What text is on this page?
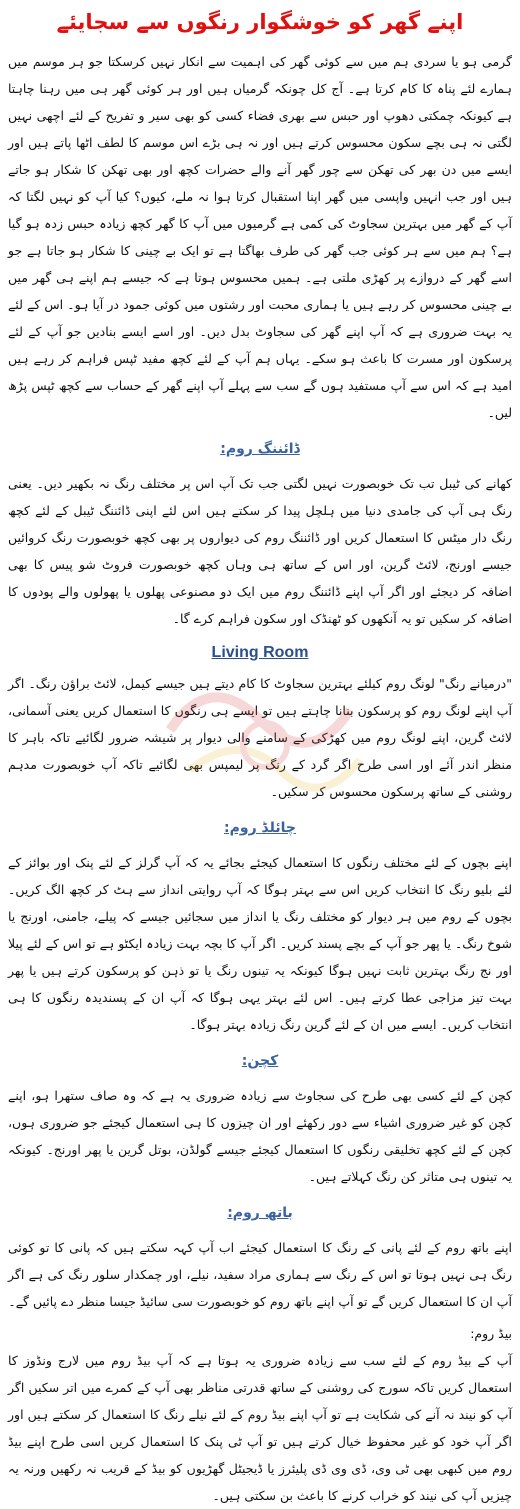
اپنے گھر کو خوشگوار رنگوں سے سجایئے

گرمی ہو یا سردی ہم میں سے کوئی گھر کی اہمیت سے انکار نہیں کرسکتا جو ہر موسم میں ہمارے لئے پناہ کا کام کرتا ہے۔ آج کل چونکہ گرمیاں ہیں اور ہر کوئی گھر ہی میں رہنا چاہتا ہے کیونکہ چمکتی دھوپ اور حبس سے بھری فضاء کسی کو بھی سیر و تفریح کے لئے اچھی نہیں لگتی نہ ہی بچے سکون محسوس کرتے ہیں اور نہ ہی بڑے اس موسم کا لطف اٹھا پاتے ہیں اور ایسے میں دن بھر کی تھکن سے چور گھر آنے والے حضرات کچھ اور بھی تھکن کا شکار ہو جاتے ہیں اور جب انہیں واپسی میں گھر اپنا استقبال کرتا ہوا نہ ملے، کیوں؟ کیا آپ کو نہیں لگتا کہ آپ کے گھر میں بہترین سجاوٹ کی کمی ہے گرمیوں میں آپ کا گھر کچھ زیادہ حبس زدہ ہو گیا ہے؟ ہم میں سے ہر کوئی جب گھر کی طرف بھاگتا ہے تو ایک بے چینی کا شکار ہو جاتا ہے جو اسے گھر کے دروازے پر کھڑی ملتی ہے۔ ہمیں محسوس ہوتا ہے کہ جیسے ہم اپنے ہی گھر میں بے چینی محسوس کر رہے ہیں یا ہماری محبت اور رشتوں میں کوئی جمود در آیا ہو۔ اس کے لئے یہ بہت ضروری ہے کہ آپ اپنے گھر کی سجاوٹ بدل دیں۔ اور اسے ایسے بنادیں جو آپ کے لئے پرسکون اور مسرت کا باعث ہو سکے۔ یہاں ہم آپ کے لئے کچھ مفید ٹپس فراہم کر رہے ہیں امید ہے کہ اس سے آپ مستفید ہوں گے سب سے پہلے آپ اپنے گھر کے حساب سے کچھ ٹپس پڑھ لیں۔

ڈائننگ روم:

کھانے کی ٹیبل تب تک خوبصورت نہیں لگتی جب تک آپ اس پر مختلف رنگ نہ بکھیر دیں۔ یعنی رنگ ہی آپ کی جامدی دنیا میں ہلچل پیدا کر سکتے ہیں اس لئے اپنی ڈائننگ ٹیبل کے لئے کچھ رنگ دار میٹس کا استعمال کریں اور ڈائننگ روم کی دیواروں پر بھی کچھ خوبصورت رنگ کروائیں جیسے اورنج، لائٹ گرین، اور اس کے ساتھ ہی وہاں کچھ خوبصورت فروٹ شو پیس کا بھی اضافہ کر دیجئے اور اگر آپ اپنے ڈائننگ روم میں ایک دو مصنوعی پھلوں یا پھولوں والے پودوں کا اضافہ کر سکیں تو یہ آنکھوں کو ٹھنڈک اور سکون فراہم کرے گا۔

Living Room

"درمیانے رنگ" لونگ روم کیلئے بہترین سجاوٹ کا کام دیتے ہیں جیسے کیمل، لائٹ براؤن رنگ۔ اگر آپ اپنے لونگ روم کو پرسکون بنانا چاہتے ہیں تو ایسے ہی رنگوں کا استعمال کریں یعنی آسمانی، لائٹ گرین، اپنے لونگ روم میں کھڑکی کے سامنے والی دیوار پر شیشہ ضرور لگائیے تاکہ باہر کا منظر اندر آئے اور اسی طرح اگر گرد کے رنگ پر لیمپس بھی لگائیے تاکہ آپ خوبصورت مدہم روشنی کے ساتھ پرسکون محسوس کر سکیں۔

چائلڈ روم:

اپنے بچوں کے لئے مختلف رنگوں کا استعمال کیجئے بجائے یہ کہ آپ گرلز کے لئے پنک اور بوائز کے لئے بلیو رنگ کا انتخاب کریں اس سے بہتر ہوگا کہ آپ روایتی انداز سے ہٹ کر کچھ الگ کریں۔ بچوں کے روم میں ہر دیوار کو مختلف رنگ یا انداز میں سجائیں جیسے کہ پیلے، جامنی، اورنج یا شوخ رنگ۔ یا پھر جو آپ کے بچے پسند کریں۔ اگر آپ کا بچہ بہت زیادہ ایکٹو ہے تو اس کے لئے پیلا اور نج رنگ بہترین ثابت نہیں ہوگا کیونکہ یہ تینوں رنگ یا تو ذہن کو پرسکون کرتے ہیں یا پھر بہت تیز مزاجی عطا کرتے ہیں۔ اس لئے بہتر یہی ہوگا کہ آپ ان کے پسندیدہ رنگوں کا ہی انتخاب کریں۔ ایسے میں ان کے لئے گرین رنگ زیادہ بہتر ہوگا۔

کچن:

کچن کے لئے کسی بھی طرح کی سجاوٹ سے زیادہ ضروری یہ ہے کہ وہ صاف ستھرا ہو، اپنے کچن کو غیر ضروری اشیاء سے دور رکھئے اور ان چیزوں کا ہی استعمال کیجئے جو ضروری ہوں، کچن کے لئے کچھ تخلیقی رنگوں کا استعمال کیجئے جیسے گولڈن، بوتل گرین یا پھر اورنج۔ کیونکہ یہ تینوں ہی متاثر کن رنگ کہلاتے ہیں۔

باتھ روم:

اپنے باتھ روم کے لئے پانی کے رنگ کا استعمال کیجئے اب آپ کہہ سکتے ہیں کہ پانی کا تو کوئی رنگ ہی نہیں ہوتا تو اس کے رنگ سے ہماری مراد سفید، نیلے، اور چمکدار سلور رنگ کی ہے اگر آپ ان کا استعمال کریں گے تو آپ اپنے باتھ روم کو خوبصورت سی سائیڈ جیسا منظر دے پائیں گے۔

بیڈ روم:

آپ کے بیڈ روم کے لئے سب سے زیادہ ضروری یہ ہوتا ہے کہ آپ بیڈ روم میں لارج ونڈوز کا استعمال کریں تاکہ سورج کی روشنی کے ساتھ قدرتی مناظر بھی آپ کے کمرے میں اتر سکیں اگر آپ کو نیند نہ آنے کی شکایت ہے تو آپ اپنے بیڈ روم کے لئے نیلے رنگ کا استعمال کر سکتے ہیں اور اگر آپ خود کو غیر محفوظ خیال کرتے ہیں تو آپ ٹی پنک کا استعمال کریں اسی طرح اپنے بیڈ روم میں کبھی بھی ٹی وی، ڈی وی ڈی پلیئرز یا ڈیجیٹل گھڑیوں کو بیڈ کے قریب نہ رکھیں ورنہ یہ چیزیں آپ کی نیند کو خراب کرنے کا باعث بن سکتی ہیں۔
